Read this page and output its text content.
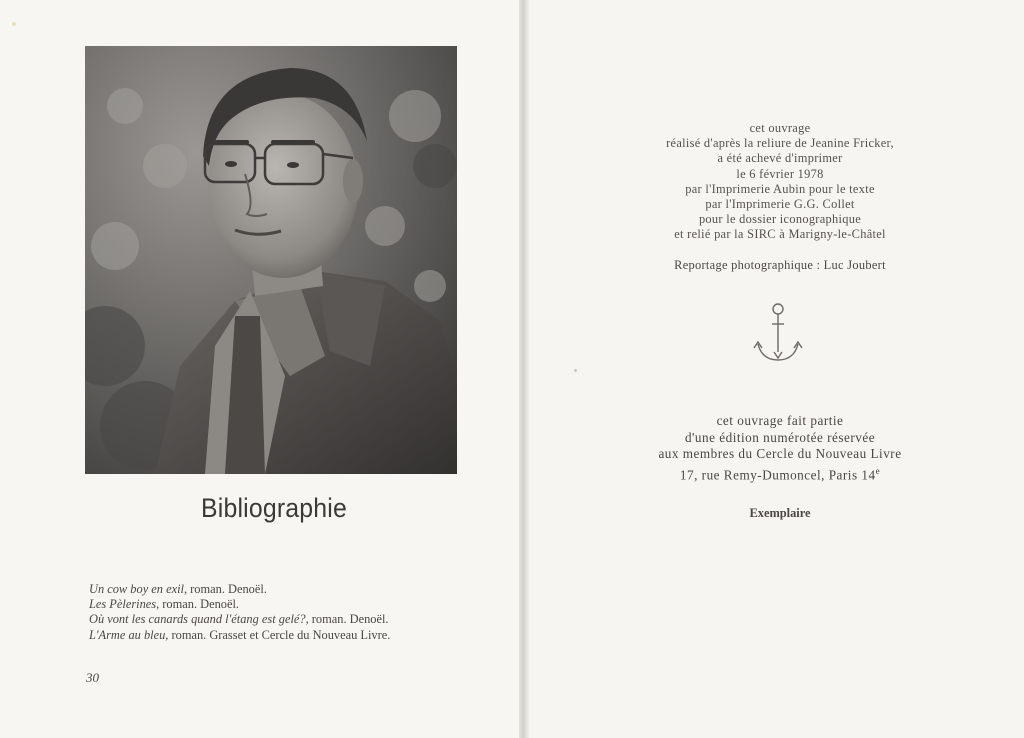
Bibliographie
Un cow boy en exil, roman. Denoël.
Les Pèlerines, roman. Denoël.
Où vont les canards quand l'étang est gelé?, roman. Denoël.
L'Arme au bleu, roman. Grasset et Cercle du Nouveau Livre.
30
cet ouvrage
réalisé d'après la reliure de Jeanine Fricker,
a été achevé d'imprimer
le 6 février 1978
par l'Imprimerie Aubin pour le texte
par l'Imprimerie G.G. Collet
pour le dossier iconographique
et relié par la SIRC à Marigny-le-Châtel
Reportage photographique : Luc Joubert
cet ouvrage fait partie
d'une édition numérotée réservée
aux membres du Cercle du Nouveau Livre
17, rue Remy-Dumoncel, Paris 14e
Exemplaire
